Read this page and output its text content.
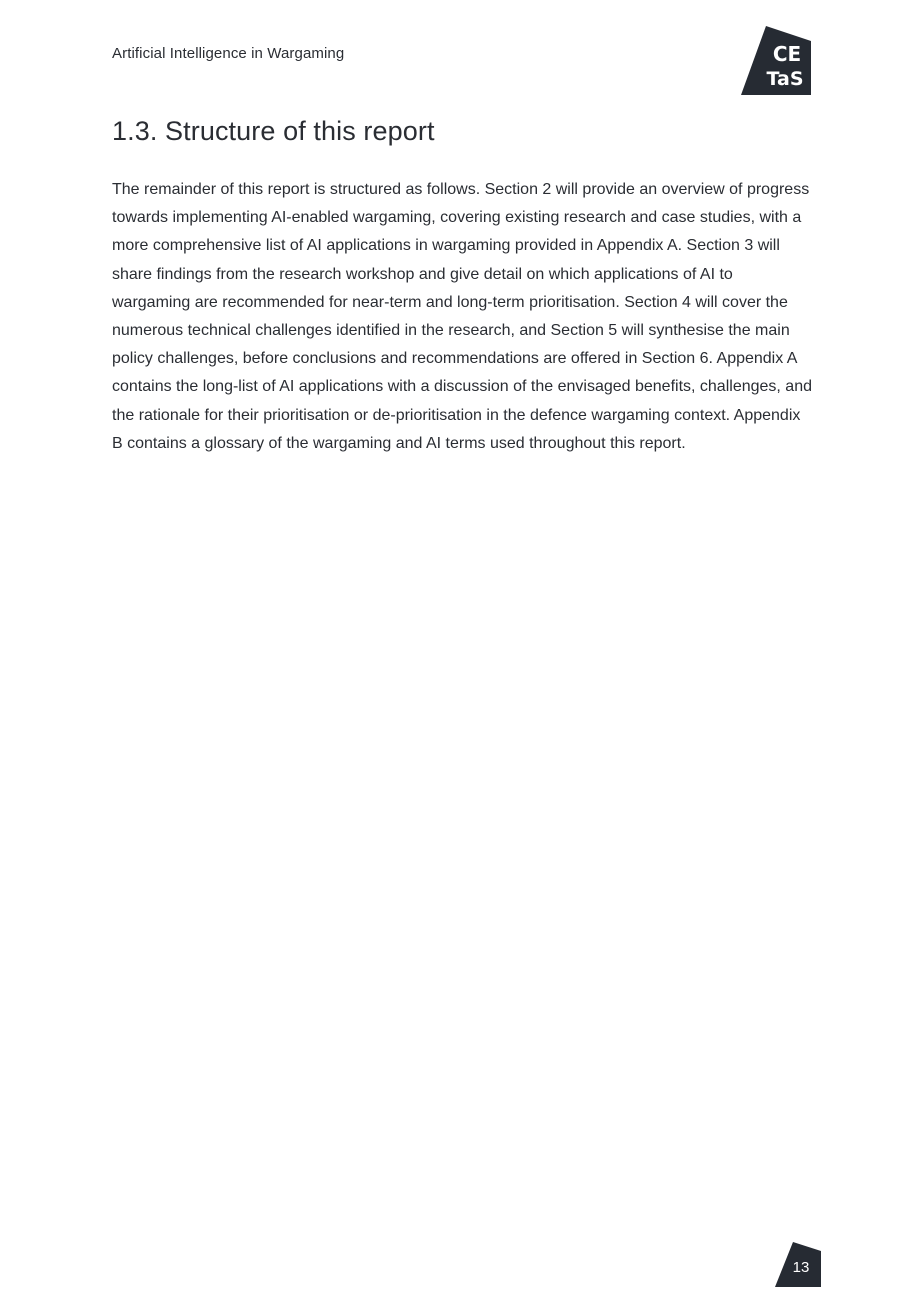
Artificial Intelligence in Wargaming	CE
TaS
1.3. Structure of this report

The remainder of this report is structured as follows. Section 2 will provide an overview of progress towards implementing AI-enabled wargaming, covering existing research and case studies, with a more comprehensive list of AI applications in wargaming provided in Appendix A. Section 3 will share findings from the research workshop and give detail on which applications of AI to wargaming are recommended for near-term and long-term prioritisation. Section 4 will cover the numerous technical challenges identified in the research, and Section 5 will synthesise the main policy challenges, before conclusions and recommendations are offered in Section 6. Appendix A contains the long-list of AI applications with a discussion of the envisaged benefits, challenges, and the rationale for their prioritisation or de-prioritisation in the defence wargaming context. Appendix B contains a glossary of the wargaming and AI terms used throughout this report.

13
